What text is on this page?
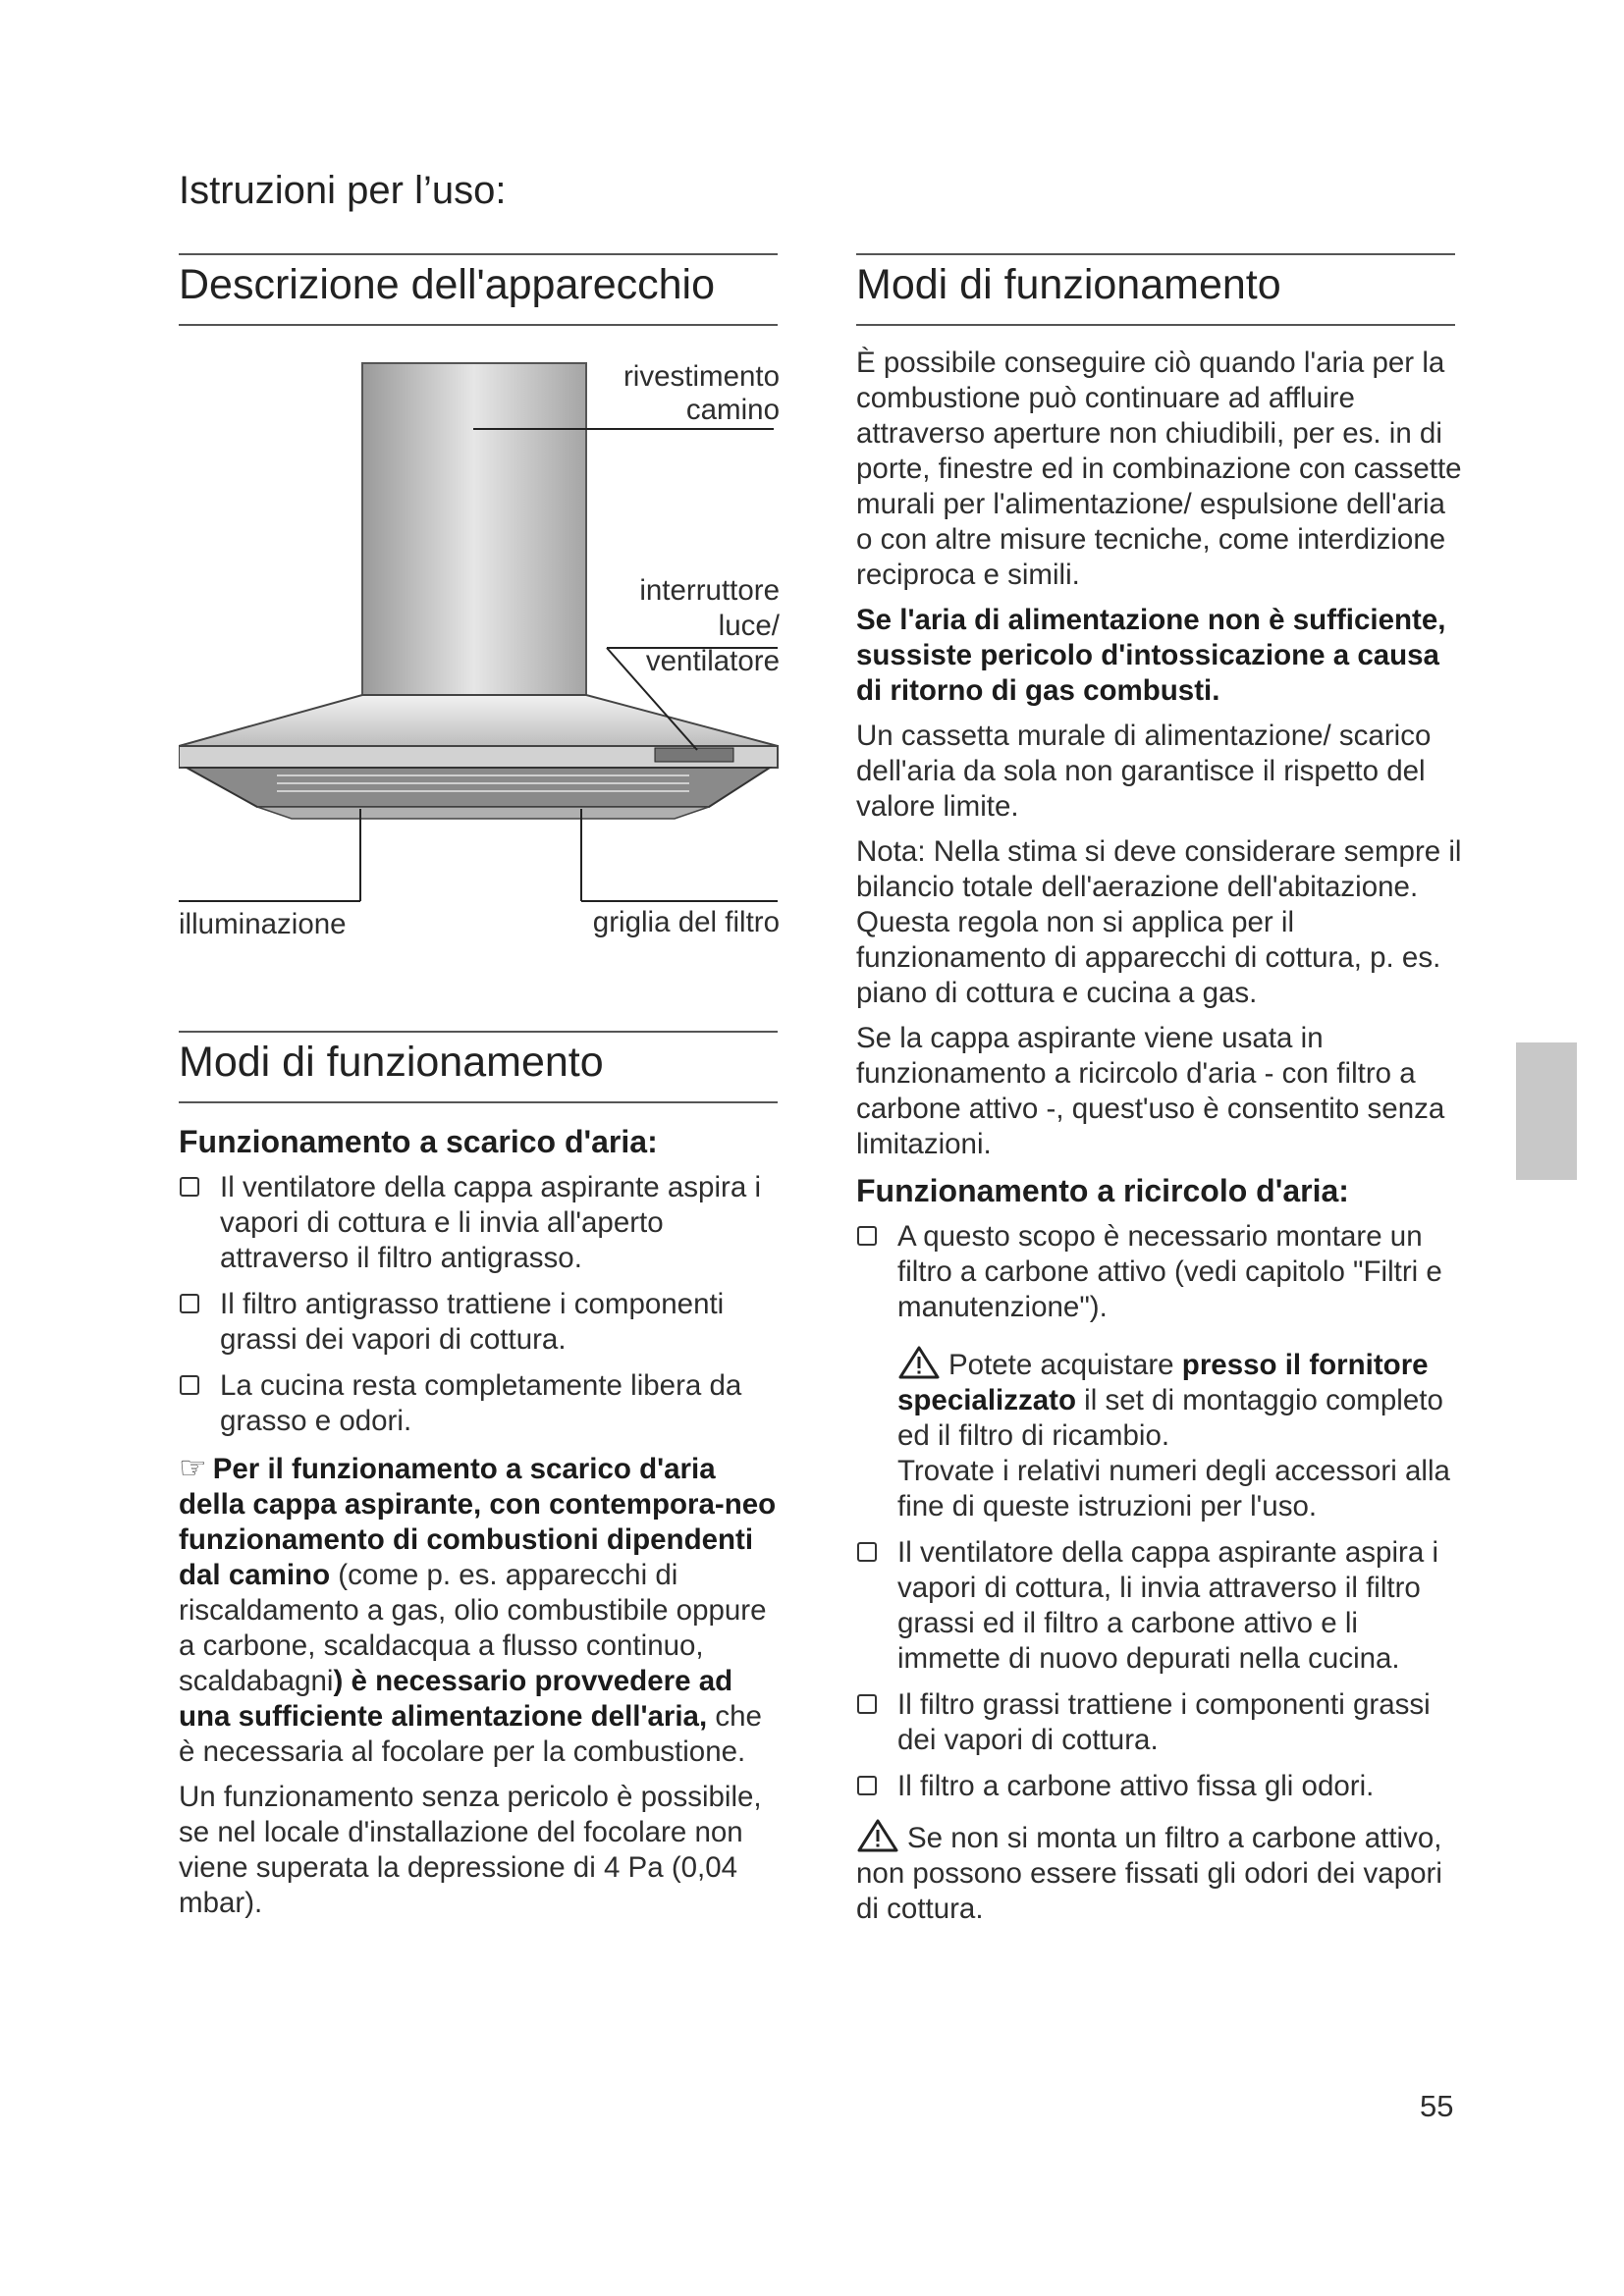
Istruzioni per l’uso:
Descrizione dell'apparecchio
rivestimento
camino
interruttore
luce/
ventilatore
illuminazione	griglia del filtro
Modi di funzionamento
Funzionamento a scarico d'aria:
Il ventilatore della cappa aspirante aspira i vapori di cottura e li invia all'aperto attraverso il filtro antigrasso.
Il filtro antigrasso trattiene i componenti grassi dei vapori di cottura.
La cucina resta completamente libera da grasso e odori.

☞ Per il funzionamento a scarico d'aria della cappa aspirante, con contempora-neo funzionamento di combustioni dipendenti dal camino (come p. es. apparecchi di riscaldamento a gas, olio combustibile oppure a carbone, scaldacqua a flusso continuo, scaldabagni) è necessario provvedere ad una sufficiente alimentazione dell'aria, che è necessaria al focolare per la combustione.

Un funzionamento senza pericolo è possibile, se nel locale d'installazione del focolare non viene superata la depressione di 4 Pa (0,04 mbar).

Modi di funzionamento

È possibile conseguire ciò quando l'aria per la combustione può continuare ad affluire attraverso aperture non chiudibili, per es. in di porte, finestre ed in combinazione con cassette murali per l'alimentazione/ espulsione dell'aria o con altre misure tecniche, come interdizione reciproca e simili.

Se l'aria di alimentazione non è sufficiente, sussiste pericolo d'intossicazione a causa di ritorno di gas combusti.

Un cassetta murale di alimentazione/ scarico dell'aria da sola non garantisce il rispetto del valore limite.

Nota: Nella stima si deve considerare sempre il bilancio totale dell'aerazione dell'abitazione. Questa regola non si applica per il funzionamento di apparecchi di cottura, p. es. piano di cottura e cucina a gas.

Se la cappa aspirante viene usata in funzionamento a ricircolo d'aria - con filtro a carbone attivo -, quest'uso è consentito senza limitazioni.

Funzionamento a ricircolo d'aria:
A questo scopo è necessario montare un filtro a carbone attivo (vedi capitolo "Filtri e manutenzione").
Potete acquistare presso il fornitore specializzato il set di montaggio completo ed il filtro di ricambio.
Trovate i relativi numeri degli accessori alla fine di queste istruzioni per l'uso.
Il ventilatore della cappa aspirante aspira i vapori di cottura, li invia attraverso il filtro grassi ed il filtro a carbone attivo e li immette di nuovo depurati nella cucina.
Il filtro grassi trattiene i componenti grassi dei vapori di cottura.
Il filtro a carbone attivo fissa gli odori.

Se non si monta un filtro a carbone attivo, non possono essere fissati gli odori dei vapori di cottura.

55
